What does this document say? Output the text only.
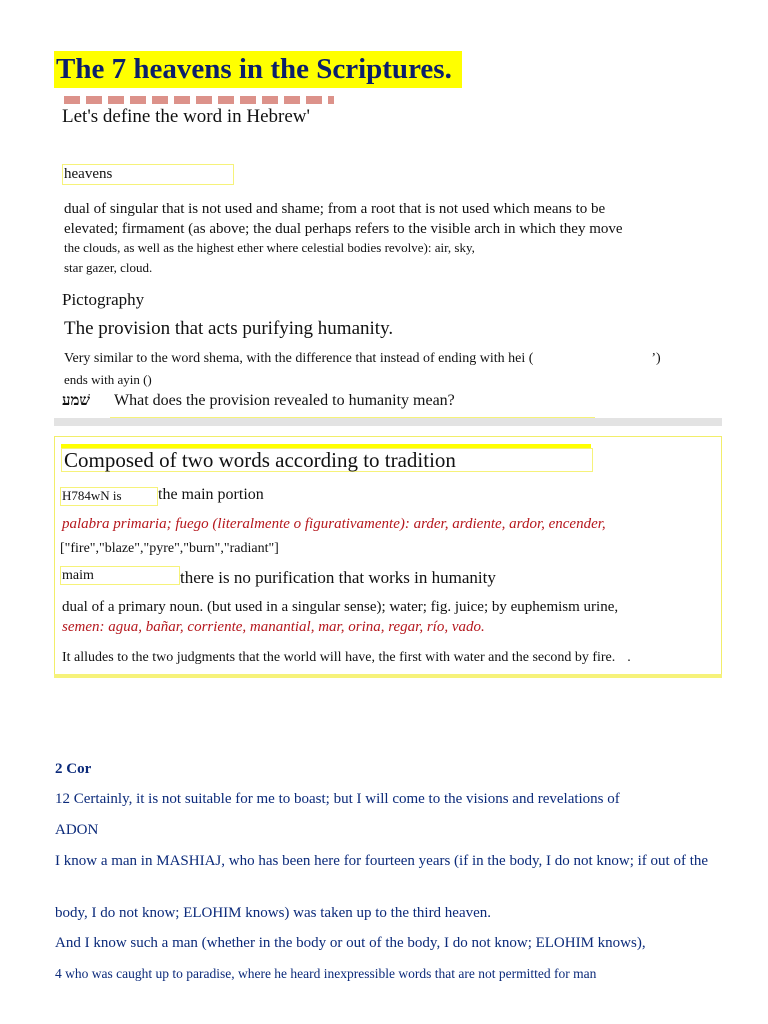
The 7 heavens in the Scriptures.
Let's define the word in Hebrew'
heavens
dual of singular that is not used and shame; from a root that is not used which means to be
elevated; firmament (as above; the dual perhaps refers to the visible arch in which they move
the clouds, as well as the highest ether where celestial bodies revolve): air, sky,
star gazer, cloud.
Pictography
The provision that acts purifying humanity.
Very similar to the word shema, with the difference that instead of ending with hei (	’)
ends with ayin ()
שׁמע What does the provision revealed to humanity mean?
Composed of two words according to tradition
H784wN is the main portion
palabra primaria; fuego (literalmente o figurativamente): arder, ardiente, ardor, encender,
["fire","blaze","pyre","burn","radiant"]
maim	there is no purification that works in humanity
dual of a primary noun. (but used in a singular sense); water; fig. juice; by euphemism urine,
semen: agua, bañar, corriente, manantial, mar, orina, regar, río, vado.
It alludes to the two judgments that the world will have, the first with water and the second by fire. .
2 Cor
12 Certainly, it is not suitable for me to boast; but I will come to the visions and revelations of
ADON
I know a man in MASHIAJ, who has been here for fourteen years (if in the body, I do not know; if out of the
body, I do not know; ELOHIM knows) was taken up to the third heaven.
And I know such a man (whether in the body or out of the body, I do not know; ELOHIM knows),
4 who was caught up to paradise, where he heard inexpressible words that are not permitted for man
